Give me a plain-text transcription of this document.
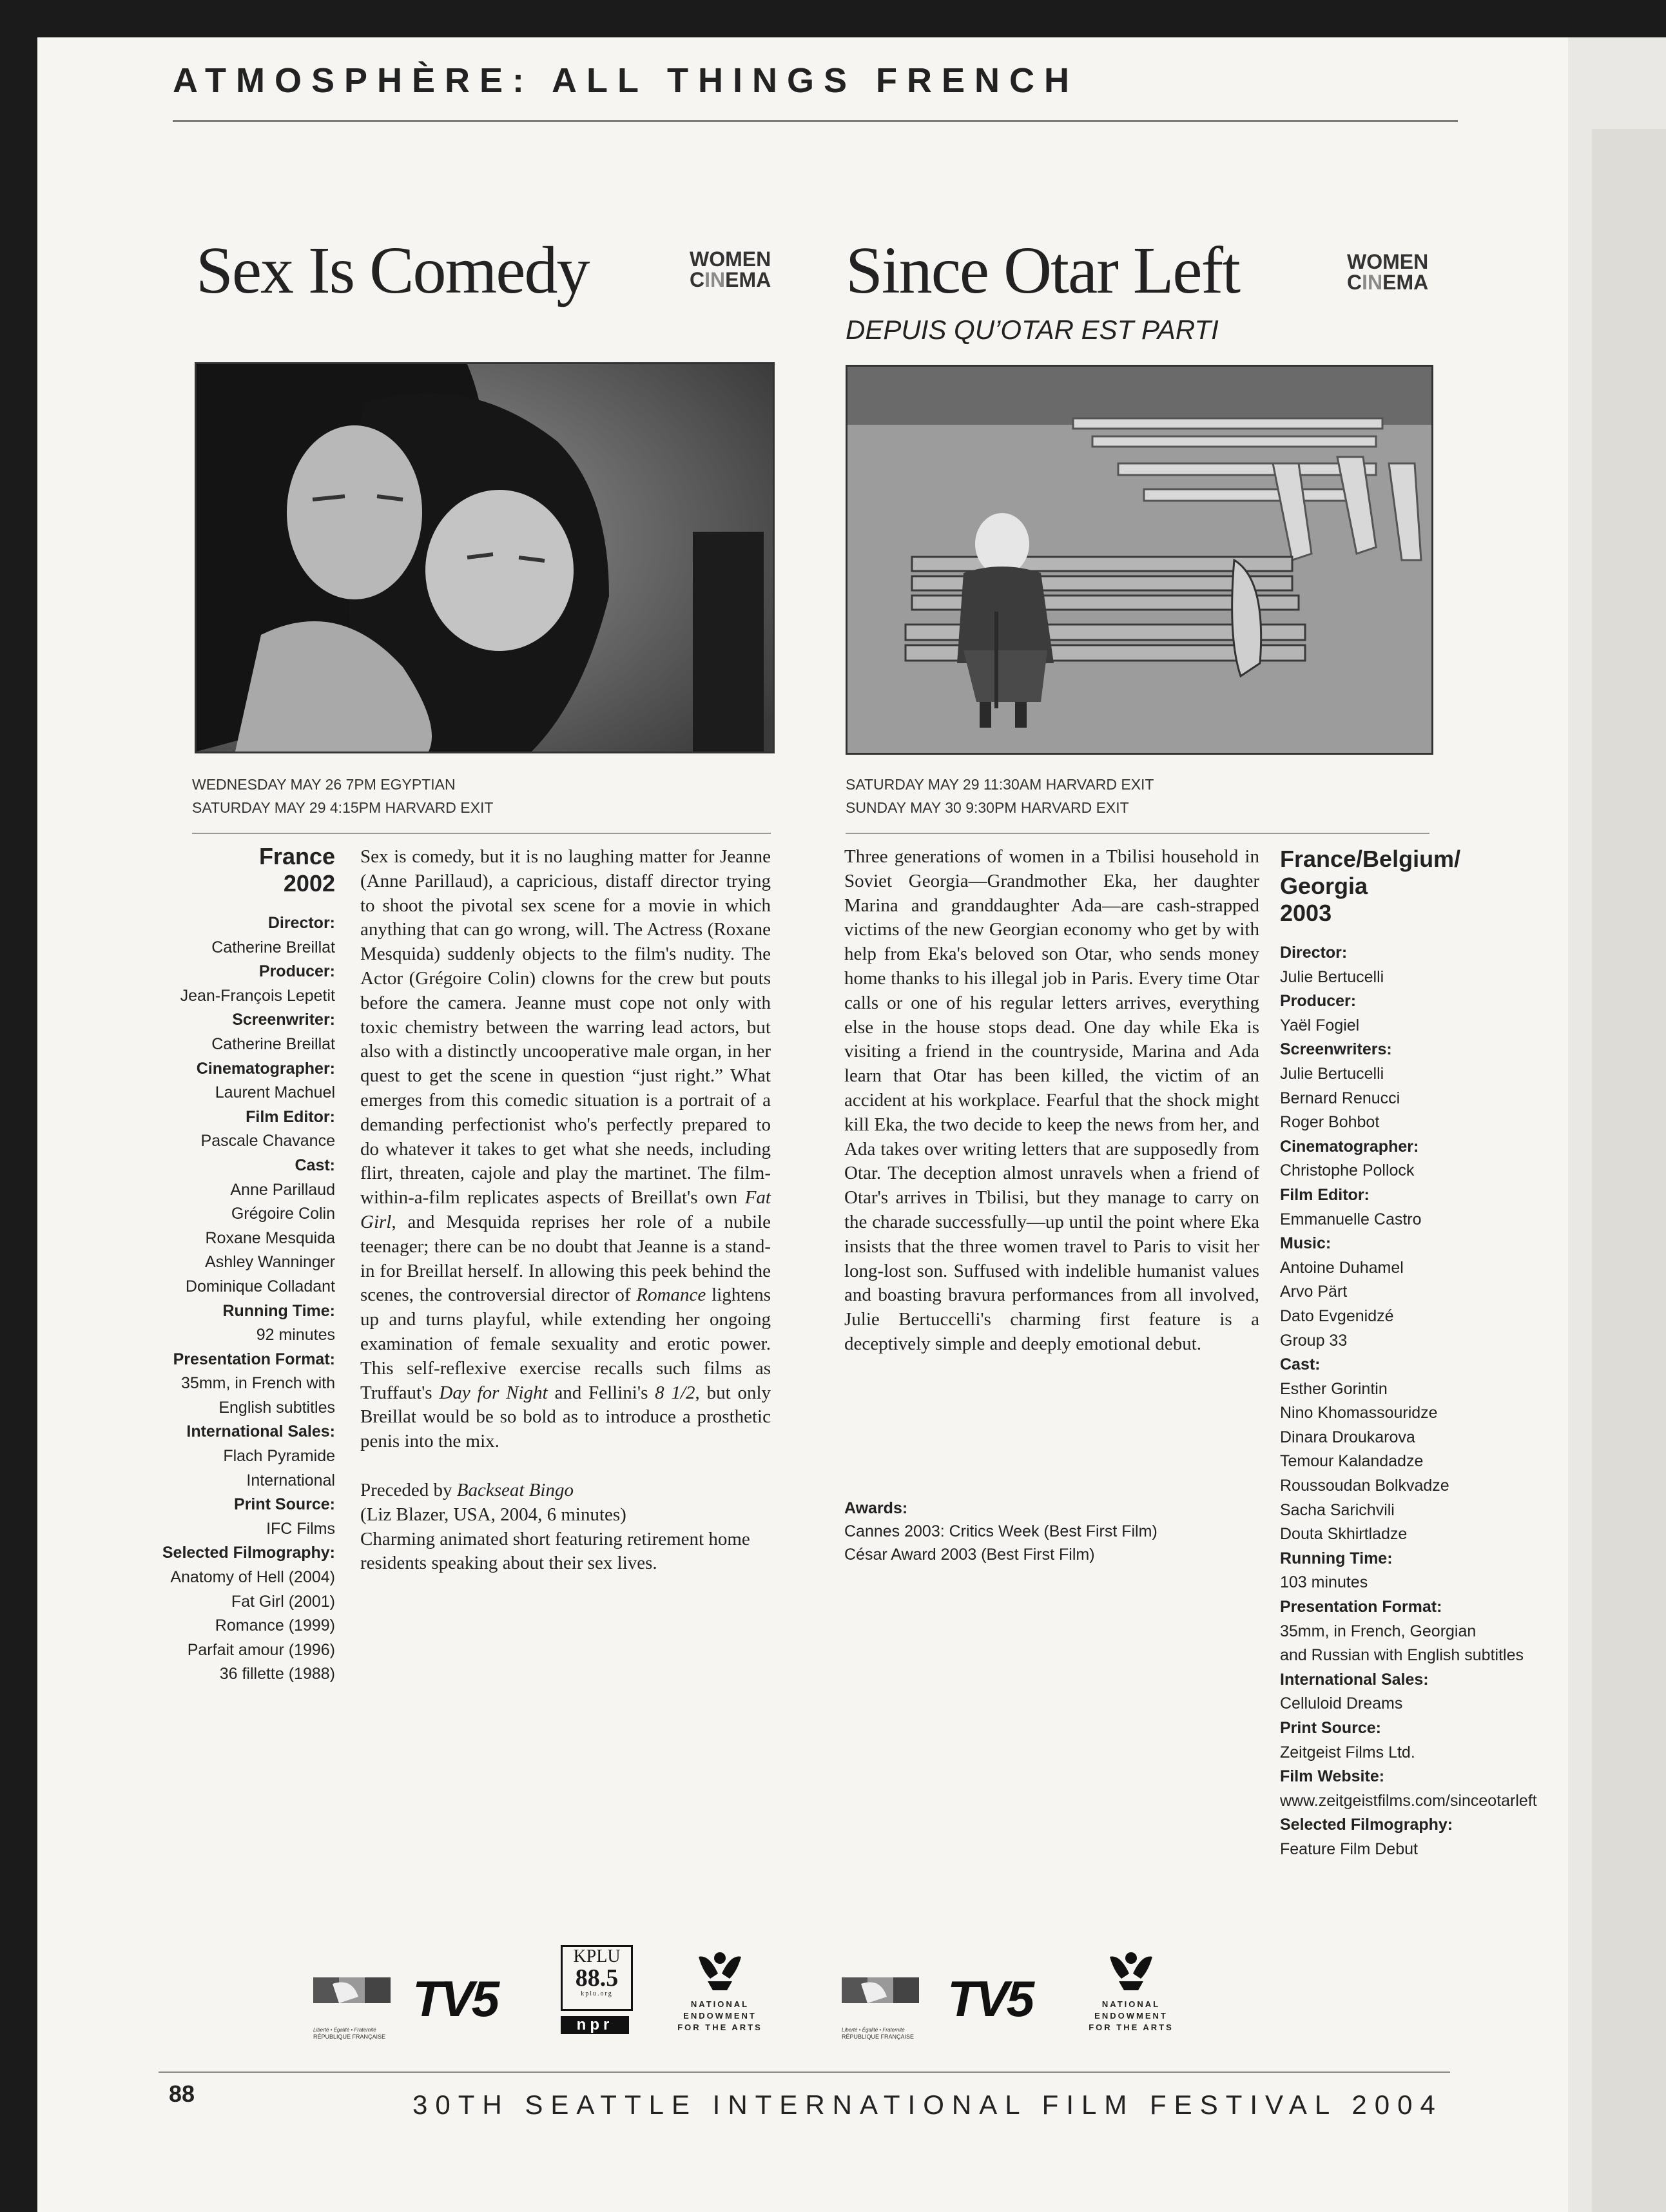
ATMOSPHÈRE: ALL THINGS FRENCH
Sex Is Comedy	WOMEN
CINEMA
WEDNESDAY MAY 26 7PM EGYPTIAN
SATURDAY MAY 29 4:15PM HARVARD EXIT
France
2002
Director:
Catherine Breillat
Producer:
Jean-François Lepetit
Screenwriter:
Catherine Breillat
Cinematographer:
Laurent Machuel
Film Editor:
Pascale Chavance
Cast:
Anne Parillaud
Grégoire Colin
Roxane Mesquida
Ashley Wanninger
Dominique Colladant
Running Time:
92 minutes
Presentation Format:
35mm, in French with
English subtitles
International Sales:
Flach Pyramide
International
Print Source:
IFC Films
Selected Filmography:
Anatomy of Hell (2004)
Fat Girl (2001)
Romance (1999)
Parfait amour (1996)
36 fillette (1988)

Sex is comedy, but it is no laughing matter for Jeanne (Anne Parillaud), a capricious, distaff director trying to shoot the pivotal sex scene for a movie in which anything that can go wrong, will. The Actress (Roxane Mesquida) suddenly objects to the film's nudity. The Actor (Grégoire Colin) clowns for the crew but pouts before the camera. Jeanne must cope not only with toxic chemistry between the warring lead actors, but also with a distinctly uncooperative male organ, in her quest to get the scene in question “just right.” What emerges from this comedic situation is a portrait of a demanding perfectionist who's perfectly prepared to do whatever it takes to get what she needs, including flirt, threaten, cajole and play the martinet. The film-within-a-film replicates aspects of Breillat's own Fat Girl, and Mesquida reprises her role of a nubile teenager; there can be no doubt that Jeanne is a stand-in for Breillat herself. In allowing this peek behind the scenes, the controversial director of Romance lightens up and turns playful, while extending her ongoing examination of female sexuality and erotic power. This self-reflexive exercise recalls such films as Truffaut's Day for Night and Fellini's 8 1/2, but only Breillat would be so bold as to introduce a prosthetic penis into the mix.

Preceded by Backseat Bingo

(Liz Blazer, USA, 2004, 6 minutes)

Charming animated short featuring retirement home residents speaking about their sex lives.

Since Otar Left
DEPUIS QU’OTAR EST PARTI
WOMEN
CINEMA
SATURDAY MAY 29 11:30AM HARVARD EXIT
SUNDAY MAY 30 9:30PM HARVARD EXIT

Three generations of women in a Tbilisi household in Soviet Georgia—Grandmother Eka, her daughter Marina and granddaughter Ada—are cash-strapped victims of the new Georgian economy who get by with help from Eka's beloved son Otar, who sends money home thanks to his illegal job in Paris. Every time Otar calls or one of his regular letters arrives, everything else in the house stops dead. One day while Eka is visiting a friend in the countryside, Marina and Ada learn that Otar has been killed, the victim of an accident at his workplace. Fearful that the shock might kill Eka, the two decide to keep the news from her, and Ada takes over writing letters that are supposedly from Otar. The deception almost unravels when a friend of Otar's arrives in Tbilisi, but they manage to carry on the charade successfully—up until the point where Eka insists that the three women travel to Paris to visit her long-lost son. Suffused with indelible humanist values and boasting bravura performances from all involved, Julie Bertuccelli's charming first feature is a deceptively simple and deeply emotional debut.

Awards:
Cannes 2003: Critics Week (Best First Film)
César Award 2003 (Best First Film)
France/Belgium/ Georgia
2003
Director:
Julie Bertucelli
Producer:
Yaël Fogiel
Screenwriters:
Julie Bertucelli
Bernard Renucci
Roger Bohbot
Cinematographer:
Christophe Pollock
Film Editor:
Emmanuelle Castro
Music:
Antoine Duhamel
Arvo Pärt
Dato Evgenidzé
Group 33
Cast:
Esther Gorintin
Nino Khomassouridze
Dinara Droukarova
Temour Kalandadze
Roussoudan Bolkvadze
Sacha Sarichvili
Douta Skhirtladze
Running Time:
103 minutes
Presentation Format:
35mm, in French, Georgian
and Russian with English subtitles
International Sales:
Celluloid Dreams
Print Source:
Zeitgeist Films Ltd.
Film Website:
www.zeitgeistfilms.com/sinceotarleft
Selected Filmography:
Feature Film Debut
Liberté • Égalité • Fraternité
RÉPUBLIQUE FRANÇAISE
TV5
KPLU
88.5
kplu.org
npr
NATIONAL
ENDOWMENT
FOR THE ARTS	Liberté • Égalité • Fraternité
RÉPUBLIQUE FRANÇAISE
TV5	NATIONAL
ENDOWMENT
FOR THE ARTS
88	30TH SEATTLE INTERNATIONAL FILM FESTIVAL 2004
